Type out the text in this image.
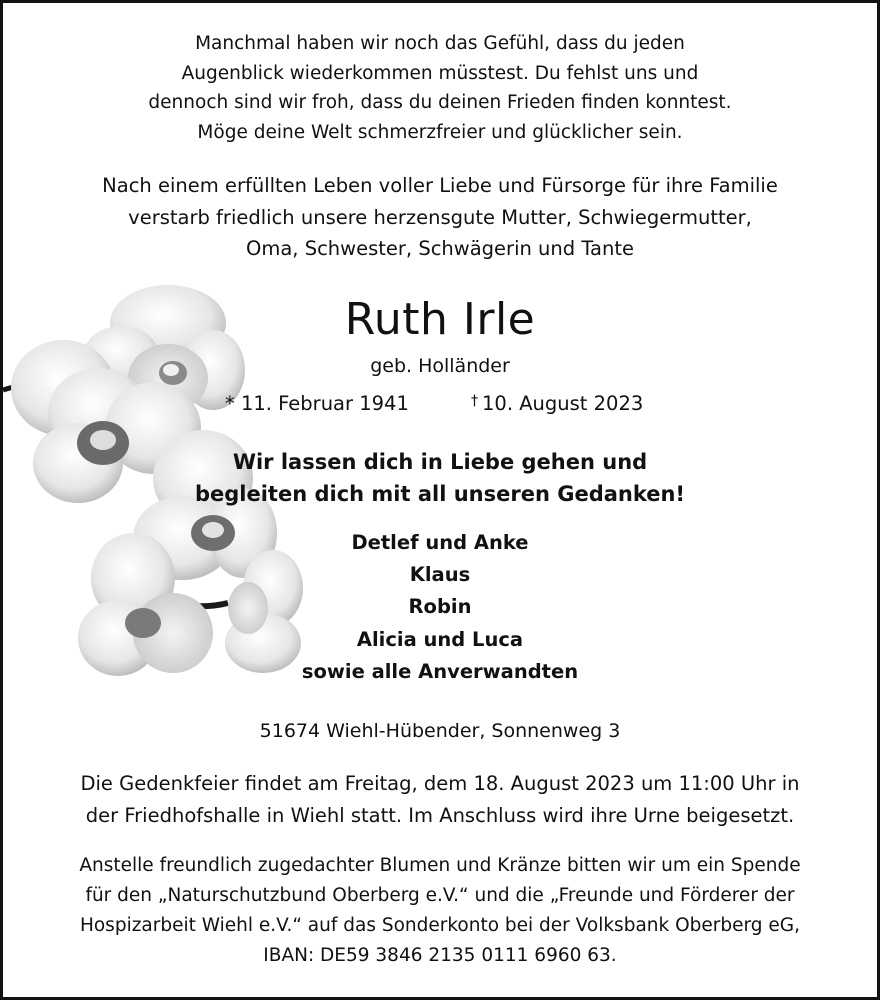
Manchmal haben wir noch das Gefühl, dass du jeden
Augenblick wiederkommen müsstest. Du fehlst uns und
dennoch sind wir froh, dass du deinen Frieden finden konntest.
Möge deine Welt schmerzfreier und glücklicher sein.
Nach einem erfüllten Leben voller Liebe und Fürsorge für ihre Familie
verstarb friedlich unsere herzensgute Mutter, Schwiegermutter,
Oma, Schwester, Schwägerin und Tante
Ruth Irle
geb. Holländer
* 11. Februar 1941	† 10. August 2023
Wir lassen dich in Liebe gehen und
begleiten dich mit all unseren Gedanken!
Detlef und Anke
Klaus
Robin
Alicia und Luca
sowie alle Anverwandten
51674 Wiehl-Hübender, Sonnenweg 3
Die Gedenkfeier findet am Freitag, dem 18. August 2023 um 11:00 Uhr in
der Friedhofshalle in Wiehl statt. Im Anschluss wird ihre Urne beigesetzt.
Anstelle freundlich zugedachter Blumen und Kränze bitten wir um ein Spende
für den „Naturschutzbund Oberberg e.V.“ und die „Freunde und Förderer der
Hospizarbeit Wiehl e.V.“ auf das Sonderkonto bei der Volksbank Oberberg eG,
IBAN: DE59 3846 2135 0111 6960 63.
